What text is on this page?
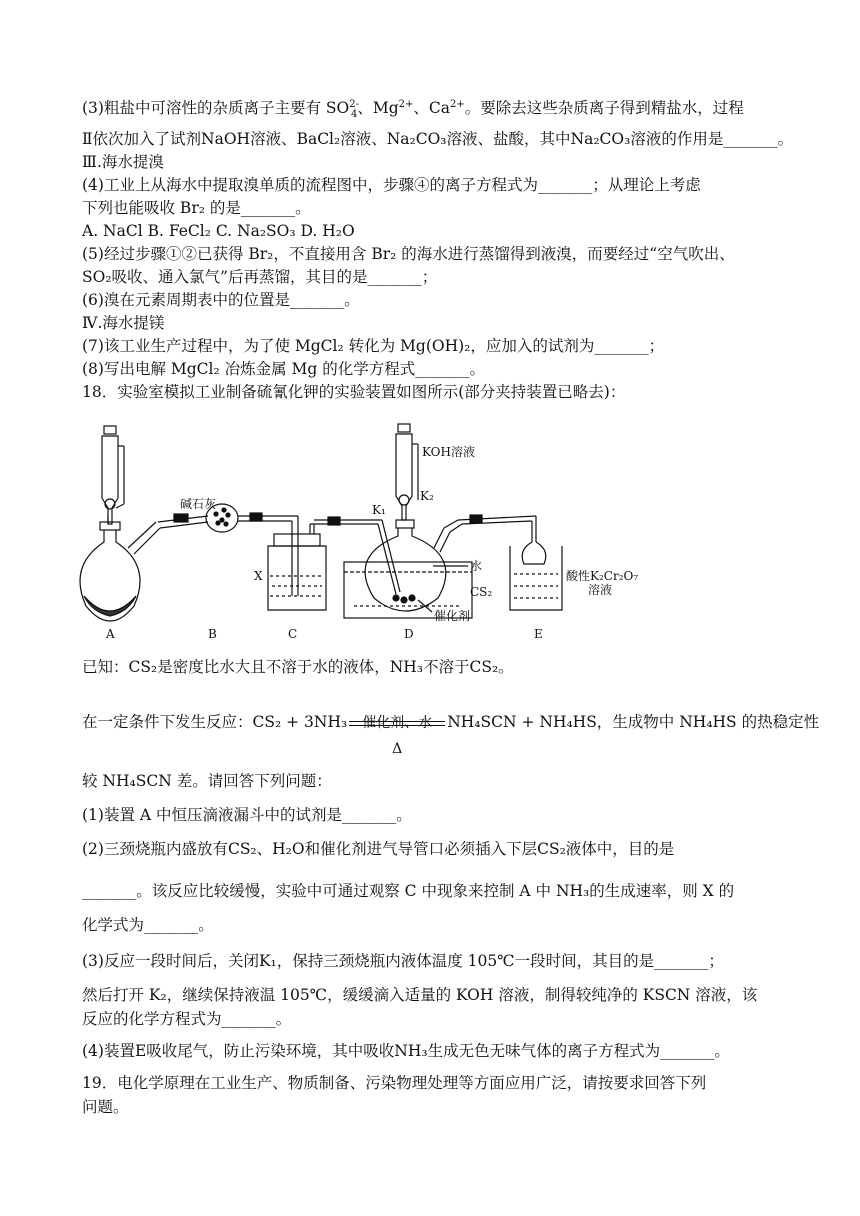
(3)粗盐中可溶性的杂质离子主要有 $SO^{2-}_4$、$Mg^{2+}$、$Ca^{2+}$。要除去这些杂质离子得到精盐水，过程
Ⅱ依次加入了试剂NaOH溶液、BaCl₂溶液、Na₂CO₃溶液、盐酸，其中Na₂CO₃溶液的作用是_______。
Ⅲ.海水提溴
(4)工业上从海水中提取溴单质的流程图中，步骤④的离子方程式为_______；从理论上考虑
下列也能吸收 Br₂ 的是_______。
A. NaCl B. FeCl₂ C. Na₂SO₃ D. H₂O
(5)经过步骤①②已获得 Br₂，不直接用含 Br₂ 的海水进行蒸馏得到液溴，而要经过“空气吹出、
SO₂吸收、通入氯气”后再蒸馏，其目的是_______；
(6)溴在元素周期表中的位置是_______。
Ⅳ.海水提镁
(7)该工业生产过程中，为了使 MgCl₂ 转化为 Mg(OH)₂，应加入的试剂为_______；
(8)写出电解 MgCl₂ 冶炼金属 Mg 的化学方程式_______。
18．实验室模拟工业制备硫氰化钾的实验装置如图所示(部分夹持装置已略去)：
碱石灰
KOH溶液
K₁
K₂
X
水
CS₂
催化剂
酸性K₂Cr₂O₇
溶液
A	B	C	D	E
已知：CS₂是密度比水大且不溶于水的液体，NH₃不溶于CS₂。
在一定条件下发生反应：CS₂ + 3NH₃	催化剂、水
Δ
NH₄SCN + NH₄HS，生成物中 NH₄HS 的热稳定性
较 NH₄SCN 差。请回答下列问题：
(1)装置 A 中恒压滴液漏斗中的试剂是_______。
(2)三颈烧瓶内盛放有CS₂、H₂O和催化剂进气导管口必须插入下层CS₂液体中，目的是
_______。该反应比较缓慢，实验中可通过观察 C 中现象来控制 A 中 NH₃的生成速率，则 X 的
化学式为_______。
(3)反应一段时间后，关闭K₁，保持三颈烧瓶内液体温度 105℃一段时间，其目的是_______；
然后打开 K₂，继续保持液温 105℃，缓缓滴入适量的 KOH 溶液，制得较纯净的 KSCN 溶液，该
反应的化学方程式为_______。
(4)装置E吸收尾气，防止污染环境，其中吸收NH₃生成无色无味气体的离子方程式为_______。
19．电化学原理在工业生产、物质制备、污染物理处理等方面应用广泛，请按要求回答下列
问题。
